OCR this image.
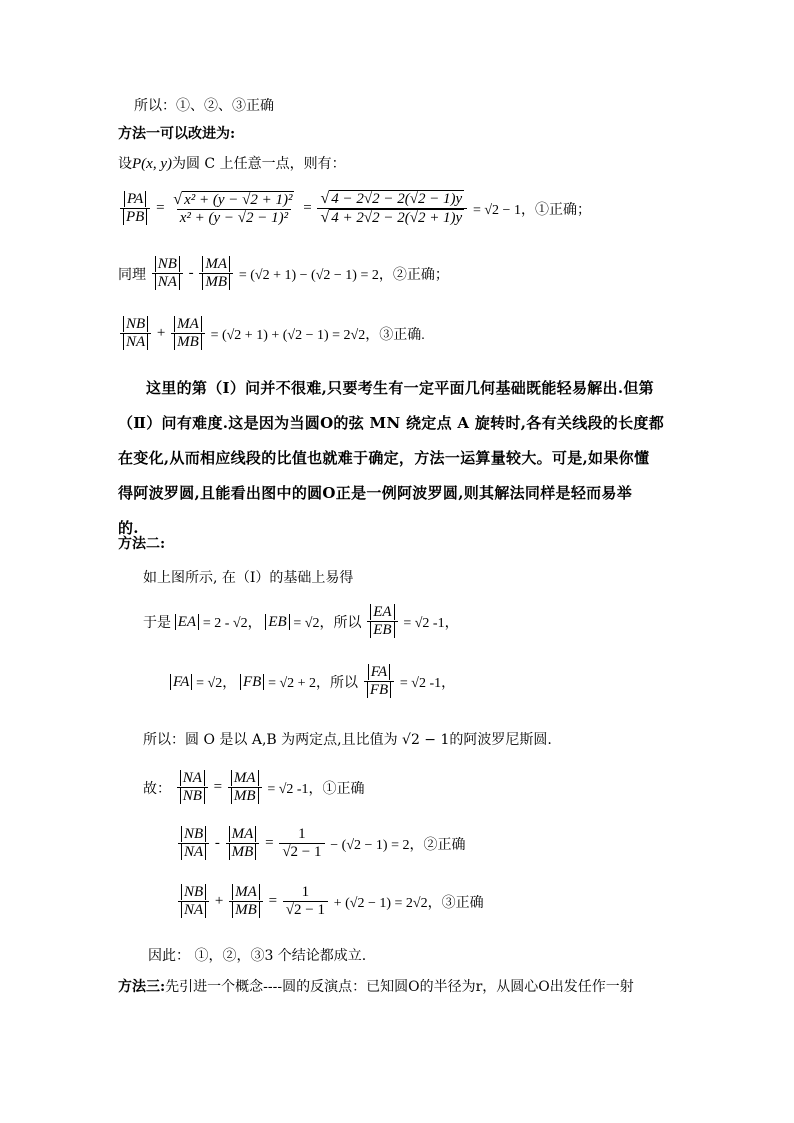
所以：①、②、③正确
方法一可以改进为:
设P(x, y)为圆 C 上任意一点，则有：
$\frac{PA}{PB} = \frac{\text{√ x² + (y − √2 + 1)²}}{\text{x² + (y − √2 − 1)²}} = \frac{√ 4 - 2√2 - 2(√2 - 1)y}{√ 4 + 2√2 - 2(√2 + 1)y} = √2 - 1$，①正确；
同理 $\frac{NB}{NA} - \frac{MA}{MB} = (√2 + 1) - (√2 - 1) = 2$，②正确；
$\frac{NB}{NA} + \frac{MA}{MB} = (√2 + 1) + (√2 - 1) = 2√2$，③正确.
这里的第（Ⅰ）问并不很难,只要考生有一定平面几何基础既能轻易解出.但第
（Ⅱ）问有难度.这是因为当圆O的弦 MN 绕定点 A 旋转时,各有关线段的长度都
在变化,从而相应线段的比值也就难于确定，方法一运算量较大。可是,如果你懂
得阿波罗圆,且能看出图中的圆O正是一例阿波罗圆,则其解法同样是轻而易举
的.
方法二:
如上图所示, 在（Ⅰ）的基础上易得
于是 EA = 2 - √2， EB = √2，所以 $\frac{EA}{EB} = √2$ -1，
FA = √2， FB = √2 + 2，所以 $\frac{FA}{FB} = √2$ -1，
所以：圆 O 是以 A,B 为两定点,且比值为 √2 − 1的阿波罗尼斯圆.
故： $\frac{NA}{NB} = \frac{MA}{MB} = √2$ -1，①正确
$\frac{NB}{NA} - \frac{MA}{MB} = \frac{1}{√2 - 1} - (√2 - 1) = 2$，②正确
$\frac{NB}{NA} + \frac{MA}{MB} = \frac{1}{√2 - 1} + (√2 - 1) = 2√2$，③正确
因此： ①，②，③3 个结论都成立.
方法三:先引进一个概念----圆的反演点：已知圆O的半径为r，从圆心O出发任作一射
